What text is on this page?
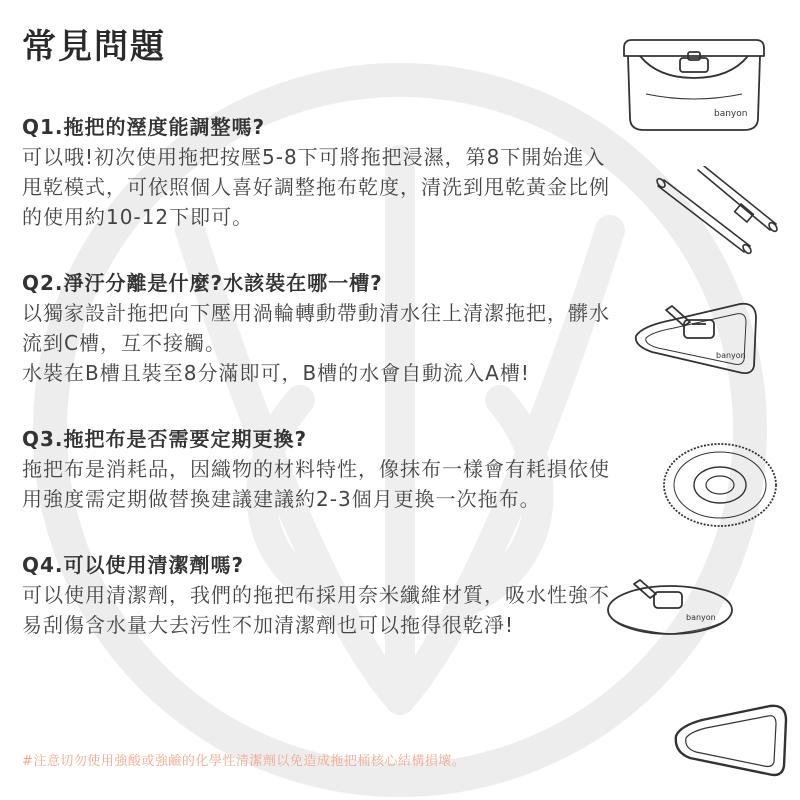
常見問題

Q1.拖把的溼度能調整嗎?

可以哦!初次使用拖把按壓5-8下可將拖把浸濕，第8下開始進入甩乾模式，可依照個人喜好調整拖布乾度，清洗到甩乾黃金比例的使用約10-12下即可。

Q2.淨汙分離是什麼?水該裝在哪一槽?

以獨家設計拖把向下壓用渦輪轉動帶動清水往上清潔拖把，髒水流到C槽，互不接觸。

水裝在B槽且裝至8分滿即可，B槽的水會自動流入A槽!

Q3.拖把布是否需要定期更換?

拖把布是消耗品，因織物的材料特性，像抹布一樣會有耗損依使用強度需定期做替換建議建議約2-3個月更換一次拖布。

Q4.可以使用清潔劑嗎?

可以使用清潔劑，我們的拖把布採用奈米纖維材質，吸水性強不易刮傷含水量大去污性不加清潔劑也可以拖得很乾淨!

#注意切勿使用強酸或強鹼的化學性清潔劑以免造成拖把桶核心結構損壞。
banyon
banyon
banyon
